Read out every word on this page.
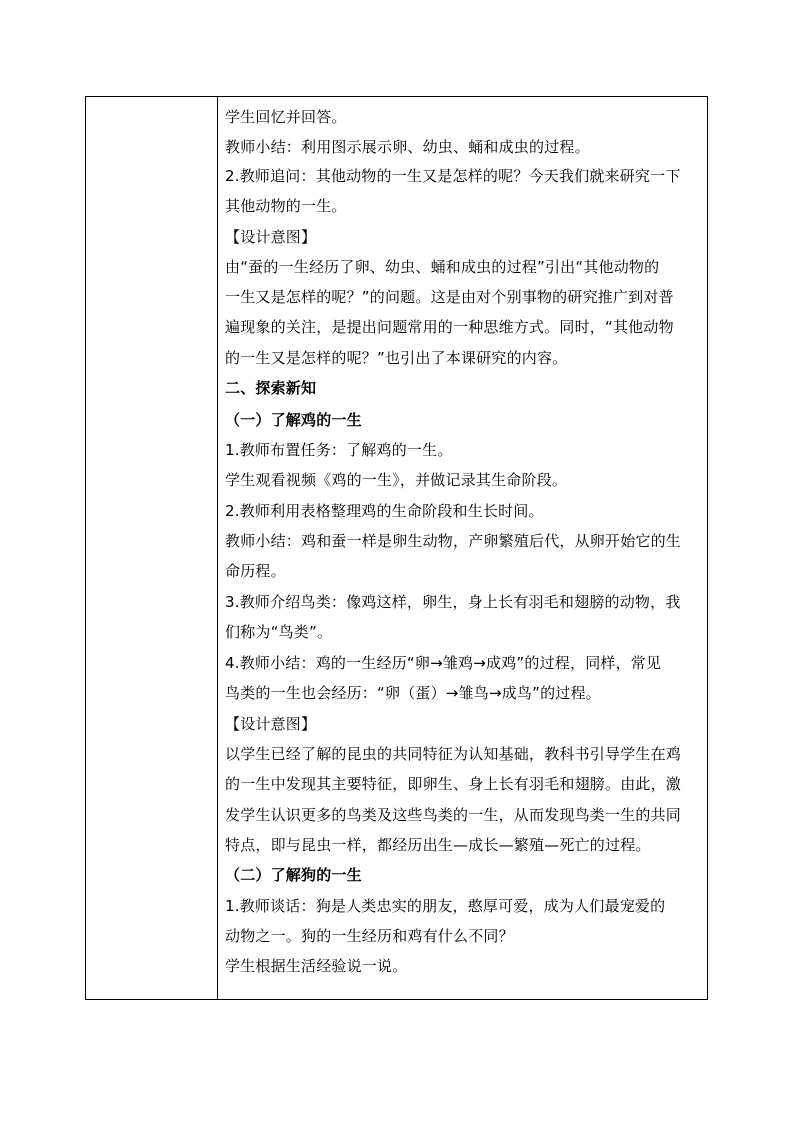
学生回忆并回答。
教师小结：利用图示展示卵、幼虫、蛹和成虫的过程。
2.教师追问：其他动物的一生又是怎样的呢？今天我们就来研究一下
其他动物的一生。
【设计意图】
由“蚕的一生经历了卵、幼虫、蛹和成虫的过程”引出“其他动物的
一生又是怎样的呢？”的问题。这是由对个别事物的研究推广到对普
遍现象的关注，是提出问题常用的一种思维方式。同时，“其他动物
的一生又是怎样的呢？”也引出了本课研究的内容。
二、探索新知
（一）了解鸡的一生
1.教师布置任务：了解鸡的一生。
学生观看视频《鸡的一生》，并做记录其生命阶段。
2.教师利用表格整理鸡的生命阶段和生长时间。
教师小结：鸡和蚕一样是卵生动物，产卵繁殖后代，从卵开始它的生
命历程。
3.教师介绍鸟类：像鸡这样，卵生，身上长有羽毛和翅膀的动物，我
们称为“鸟类”。
4.教师小结：鸡的一生经历“卵→雏鸡→成鸡”的过程，同样，常见
鸟类的一生也会经历：“卵（蛋）→雏鸟→成鸟”的过程。
【设计意图】
以学生已经了解的昆虫的共同特征为认知基础，教科书引导学生在鸡
的一生中发现其主要特征，即卵生、身上长有羽毛和翅膀。由此，激
发学生认识更多的鸟类及这些鸟类的一生，从而发现鸟类一生的共同
特点，即与昆虫一样，都经历出生—成长—繁殖—死亡的过程。
（二）了解狗的一生
1.教师谈话：狗是人类忠实的朋友，憨厚可爱，成为人们最宠爱的
动物之一。狗的一生经历和鸡有什么不同？
学生根据生活经验说一说。
